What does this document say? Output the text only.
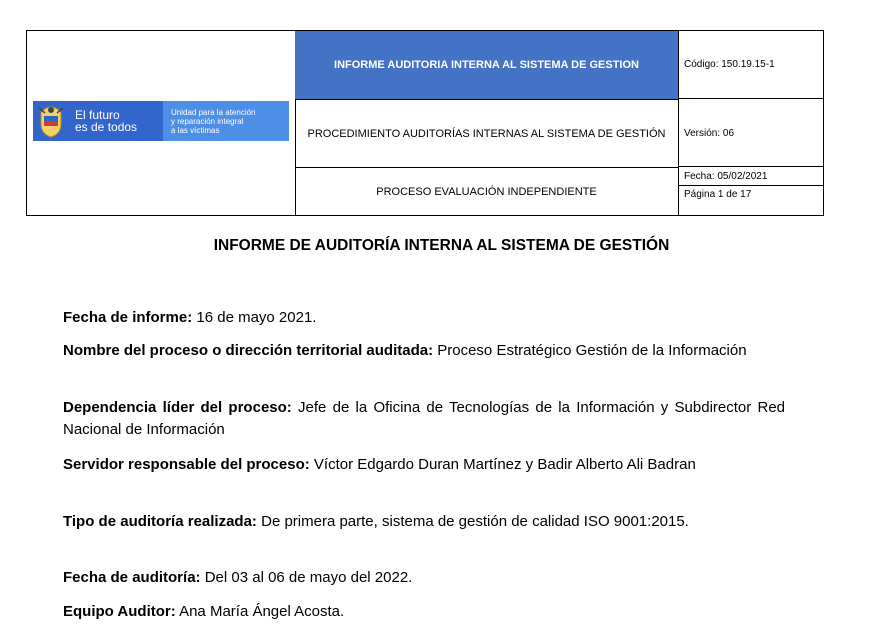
El futuro
es de todos
Unidad para la atención
y reparación integral
a las víctimas
INFORME AUDITORIA INTERNA AL SISTEMA DE GESTION
PROCEDIMIENTO AUDITORÍAS INTERNAS AL SISTEMA DE GESTIÓN
PROCESO EVALUACIÓN INDEPENDIENTE
Código: 150.19.15-1
Versión: 06
Fecha: 05/02/2021
Página 1 de 17
INFORME DE AUDITORÍA INTERNA AL SISTEMA DE GESTIÓN
Fecha de informe: 16 de mayo 2021.
Nombre del proceso o dirección territorial auditada: Proceso Estratégico Gestión de la Información
Dependencia líder del proceso: Jefe de la Oficina de Tecnologías de la Información y Subdirector Red Nacional de Información
Servidor responsable del proceso: Víctor Edgardo Duran Martínez y Badir Alberto Ali Badran
Tipo de auditoría realizada: De primera parte, sistema de gestión de calidad ISO 9001:2015.
Fecha de auditoría: Del 03 al 06 de mayo del 2022.
Equipo Auditor: Ana María Ángel Acosta.
